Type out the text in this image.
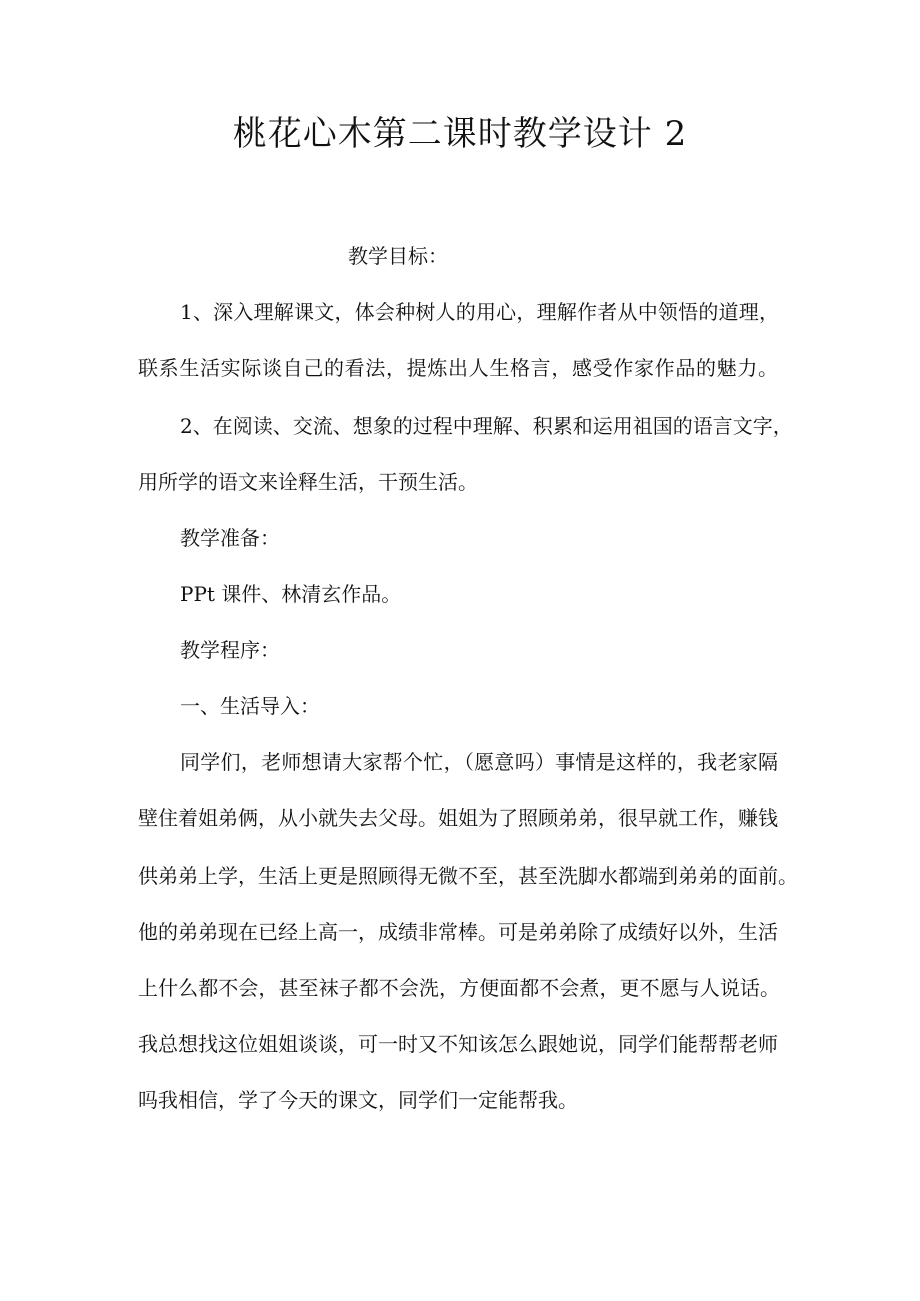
桃花心木第二课时教学设计 2
教学目标：
1、深入理解课文，体会种树人的用心，理解作者从中领悟的道理，
联系生活实际谈自己的看法，提炼出人生格言，感受作家作品的魅力。
2、在阅读、交流、想象的过程中理解、积累和运用祖国的语言文字，
用所学的语文来诠释生活，干预生活。
教学准备：
PPt 课件、林清玄作品。
教学程序：
一、生活导入：
同学们，老师想请大家帮个忙，（愿意吗）事情是这样的，我老家隔
壁住着姐弟俩，从小就失去父母。姐姐为了照顾弟弟，很早就工作，赚钱
供弟弟上学，生活上更是照顾得无微不至，甚至洗脚水都端到弟弟的面前。
他的弟弟现在已经上高一，成绩非常棒。可是弟弟除了成绩好以外，生活
上什么都不会，甚至袜子都不会洗，方便面都不会煮，更不愿与人说话。
我总想找这位姐姐谈谈，可一时又不知该怎么跟她说，同学们能帮帮老师
吗我相信，学了今天的课文，同学们一定能帮我。
